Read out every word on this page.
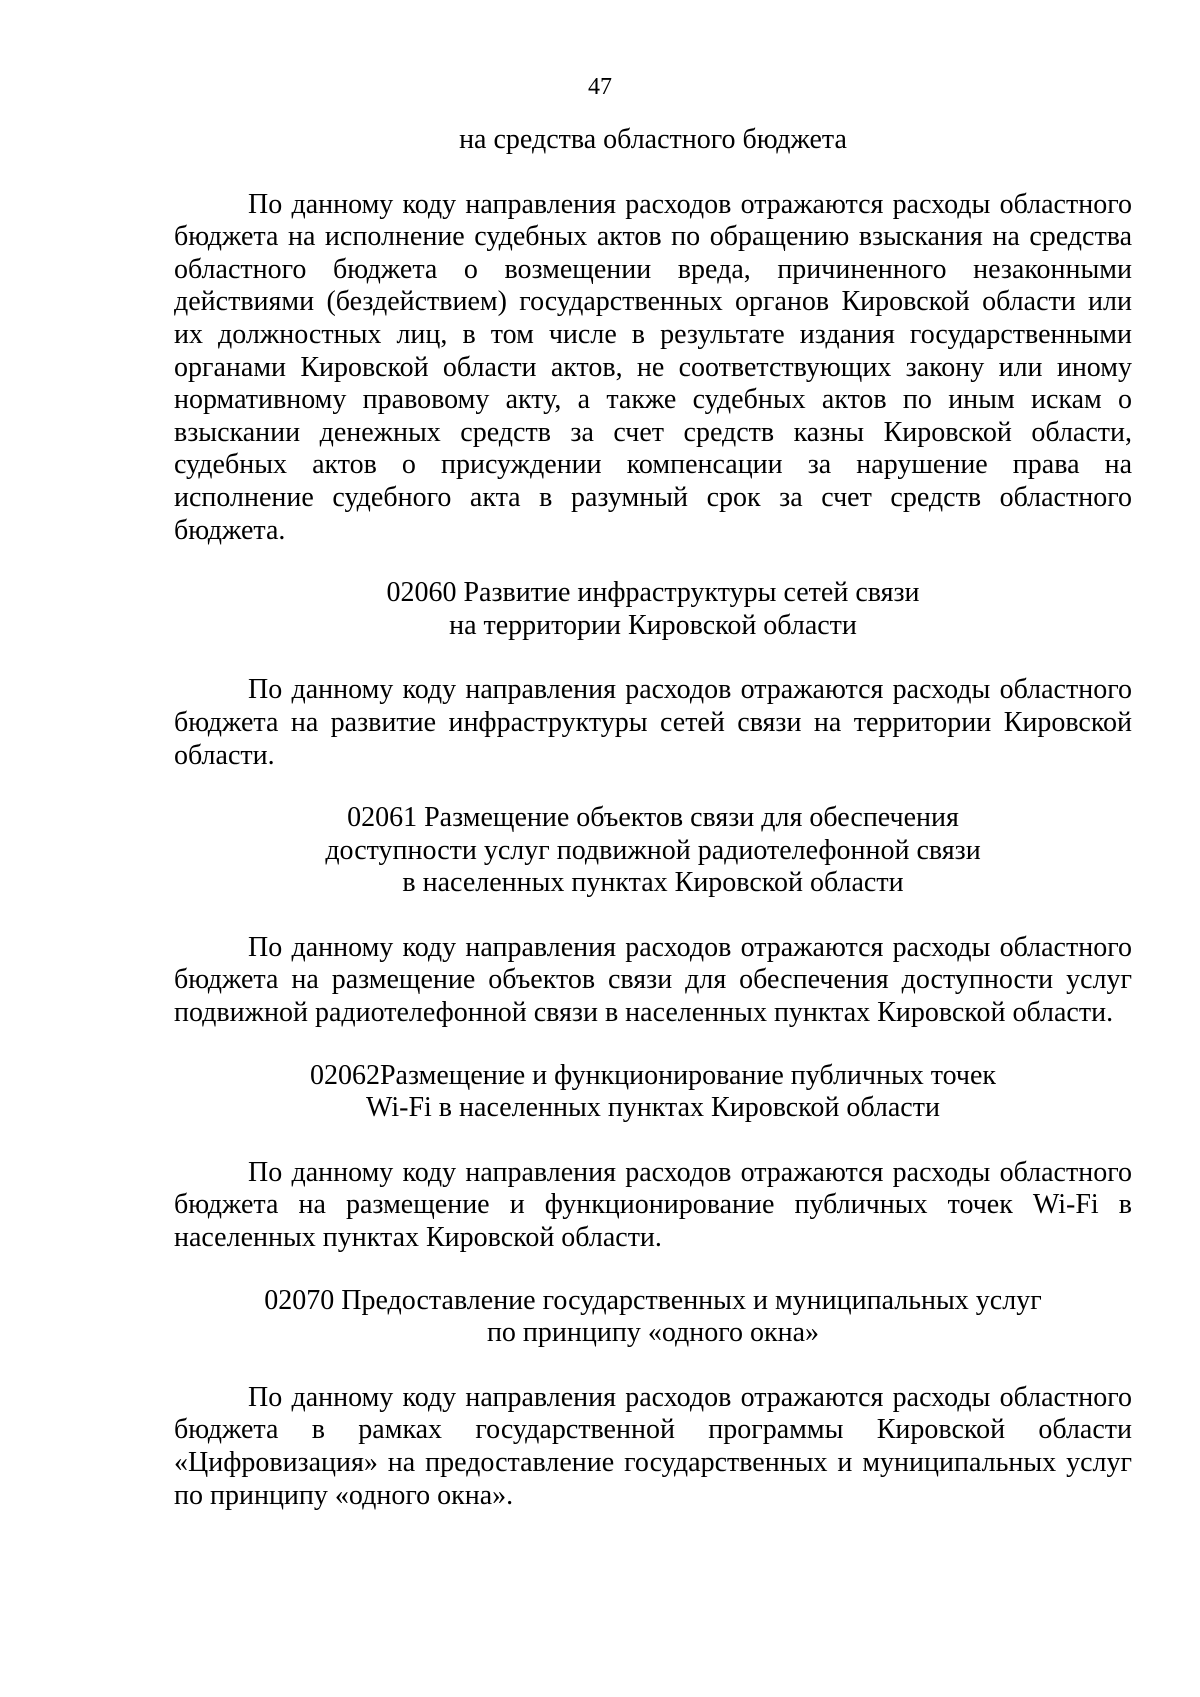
47

на средства областного бюджета

По данному коду направления расходов отражаются расходы областного бюджета на исполнение судебных актов по обращению взыскания на средства областного бюджета о возмещении вреда, причиненного незаконными действиями (бездействием) государственных органов Кировской области или их должностных лиц, в том числе в результате издания государственными органами Кировской области актов, не соответствующих закону или иному нормативному правовому акту, а также судебных актов по иным искам о взыскании денежных средств за счет средств казны Кировской области, судебных актов о присуждении компенсации за нарушение права на исполнение судебного акта в разумный срок за счет средств областного бюджета.

02060 Развитие инфраструктуры сетей связи
на территории Кировской области

По данному коду направления расходов отражаются расходы областного бюджета на развитие инфраструктуры сетей связи на территории Кировской области.

02061 Размещение объектов связи для обеспечения
доступности услуг подвижной радиотелефонной связи
в населенных пунктах Кировской области

По данному коду направления расходов отражаются расходы областного бюджета на размещение объектов связи для обеспечения доступности услуг подвижной радиотелефонной связи в населенных пунктах Кировской области.

02062Размещение и функционирование публичных точек
Wi-Fi в населенных пунктах Кировской области

По данному коду направления расходов отражаются расходы областного бюджета на размещение и функционирование публичных точек Wi-Fi в населенных пунктах Кировской области.

02070 Предоставление государственных и муниципальных услуг
по принципу «одного окна»

По данному коду направления расходов отражаются расходы областного бюджета в рамках государственной программы Кировской области «Цифровизация» на предоставление государственных и муниципальных услуг по принципу «одного окна».
